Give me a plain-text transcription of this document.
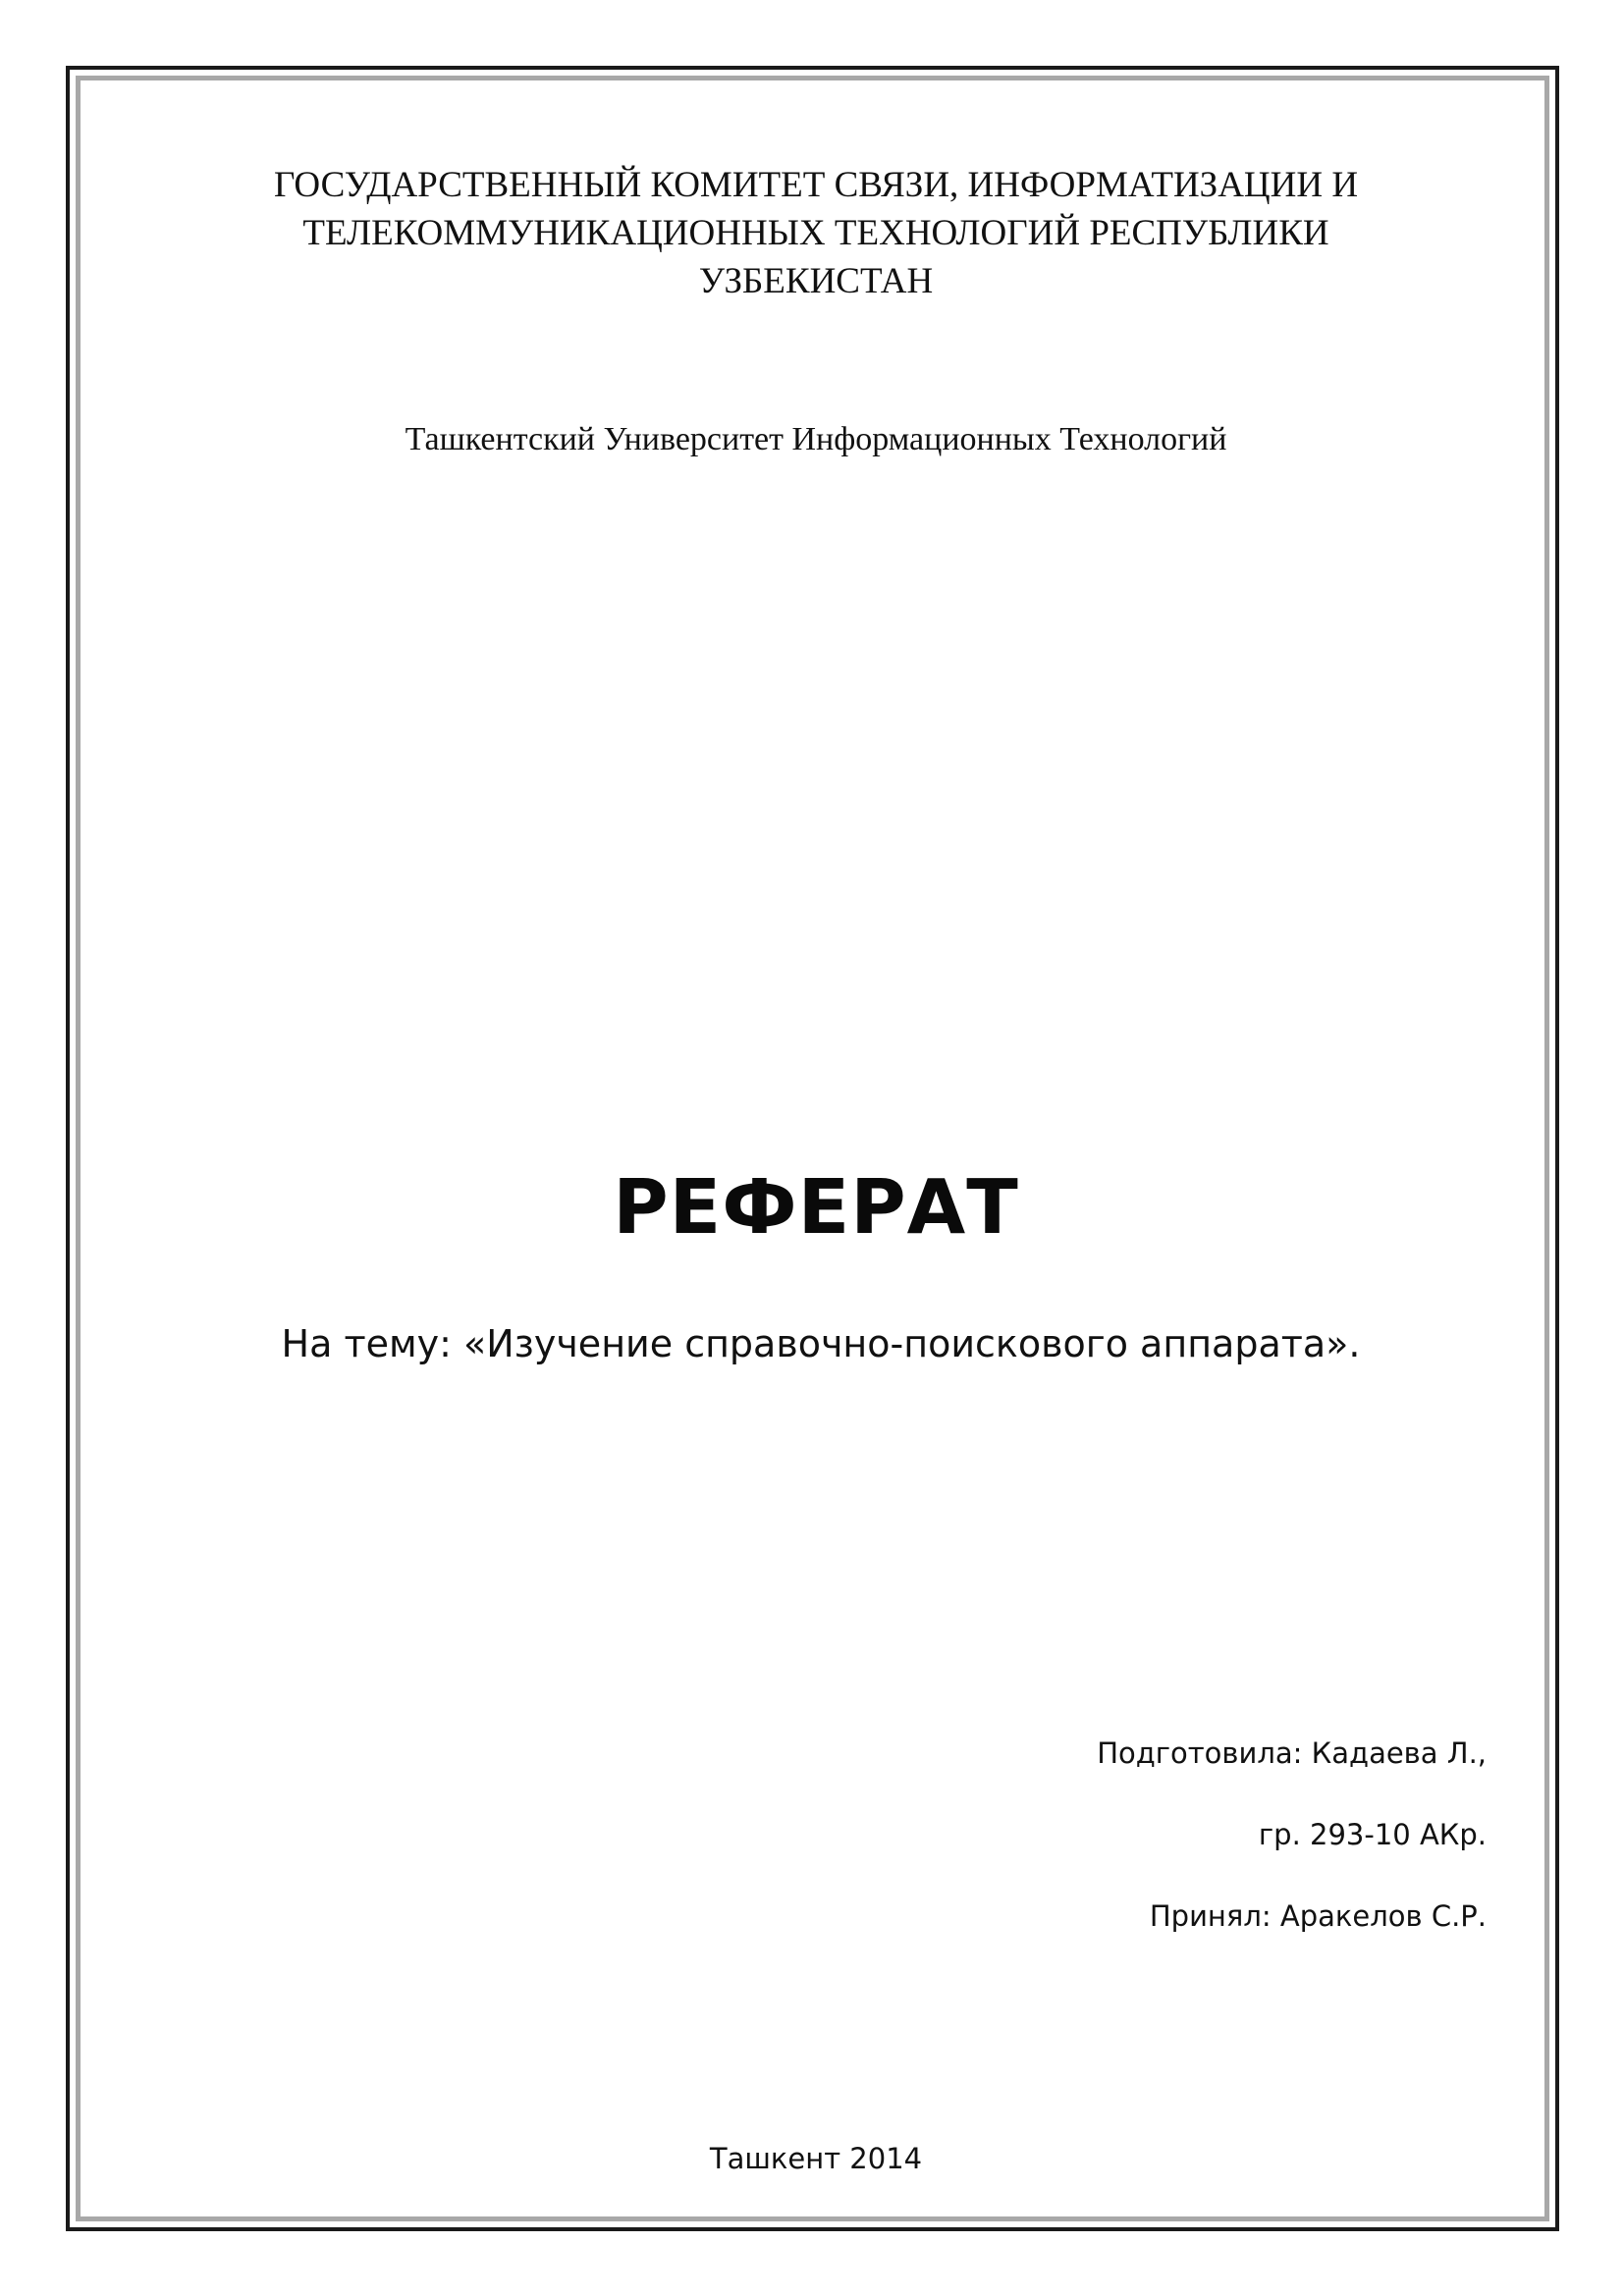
ГОСУДАРСТВЕННЫЙ КОМИТЕТ СВЯЗИ, ИНФОРМАТИЗАЦИИ И
ТЕЛЕКОММУНИКАЦИОННЫХ ТЕХНОЛОГИЙ РЕСПУБЛИКИ
УЗБЕКИСТАН
Ташкентский Университет Информационных Технологий
РЕФЕРАТ
На тему: «Изучение справочно-поискового аппарата».
Подготовила: Кадаева Л.,
гр. 293-10 АКр.
Принял: Аракелов С.Р.
Ташкент 2014
